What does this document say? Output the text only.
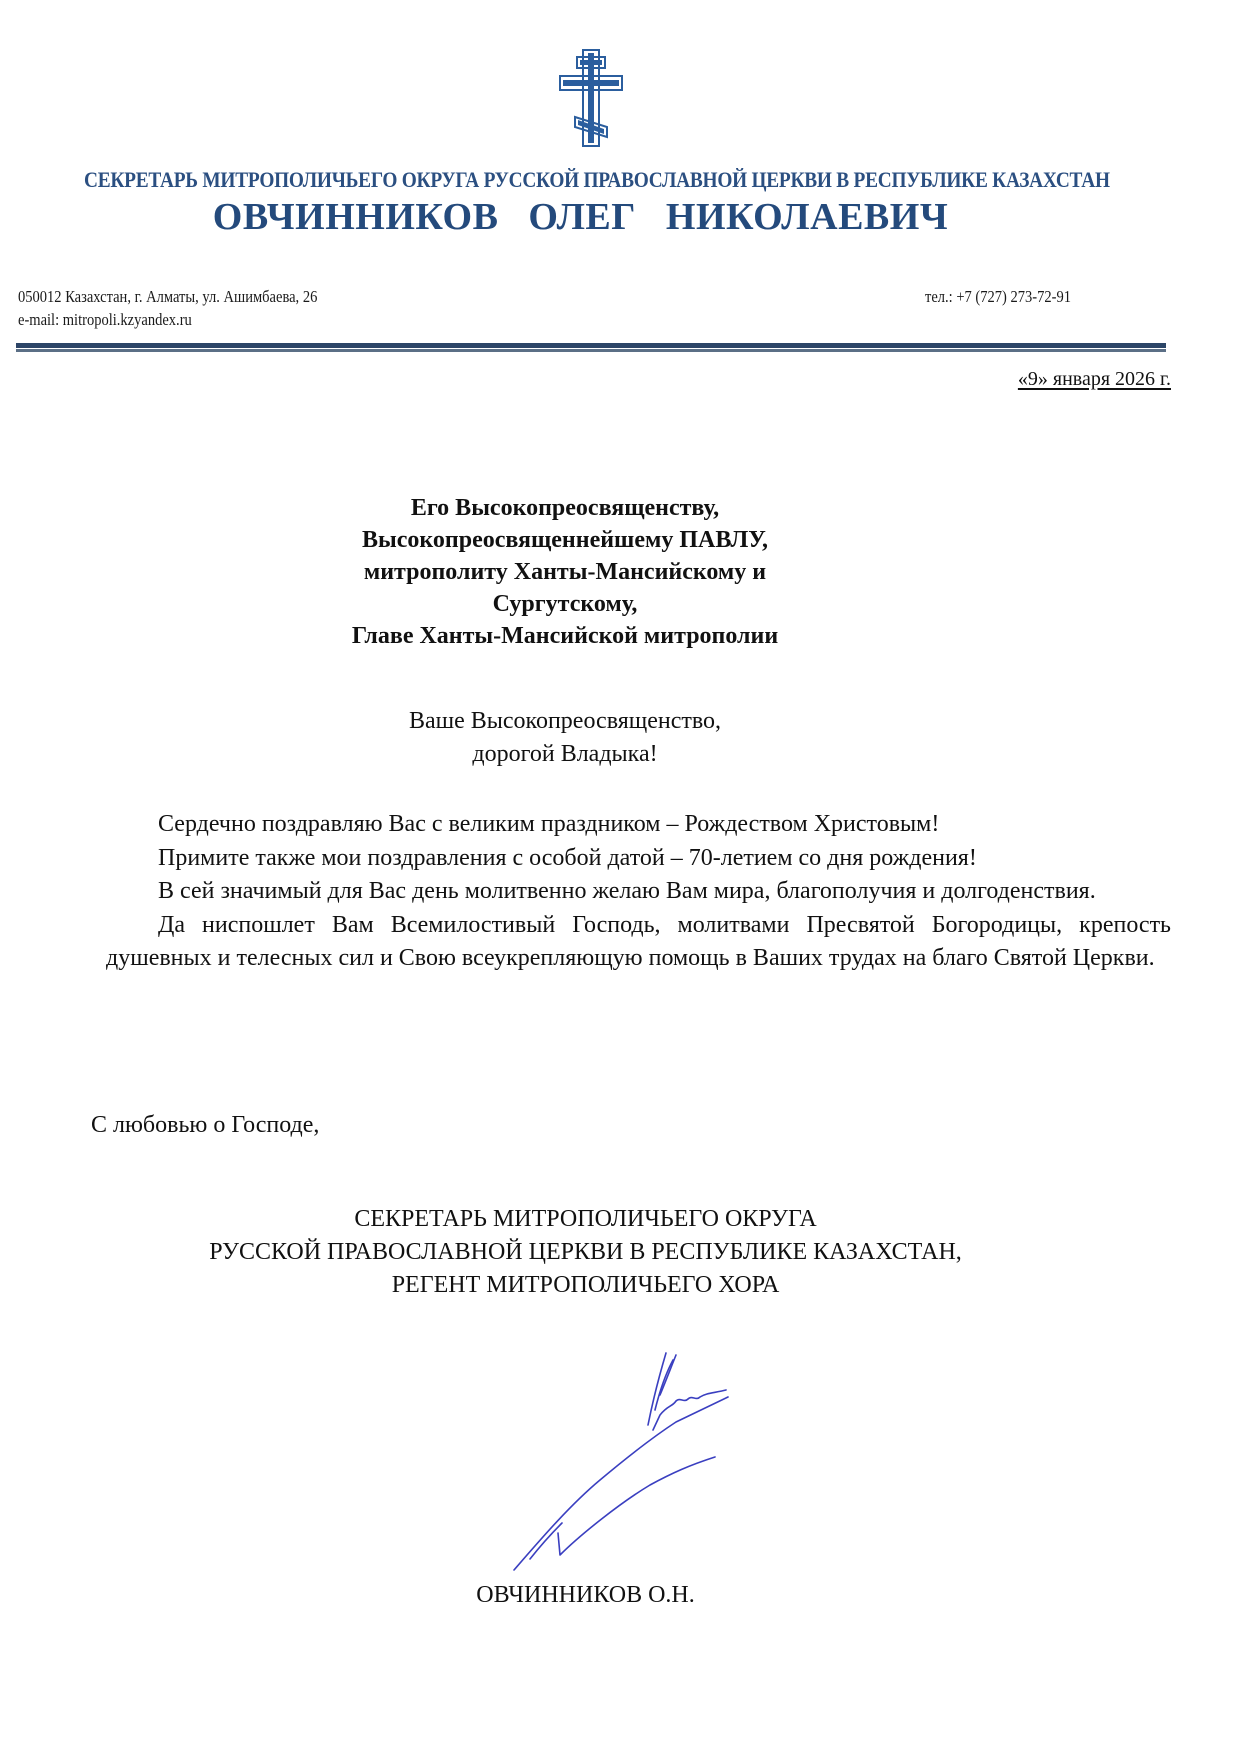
СЕКРЕТАРЬ МИТРОПОЛИЧЬЕГО ОКРУГА РУССКОЙ ПРАВОСЛАВНОЙ ЦЕРКВИ В РЕСПУБЛИКЕ КАЗАХСТАН
ОВЧИННИКОВ   ОЛЕГ   НИКОЛАЕВИЧ
050012 Казахстан, г. Алматы, ул. Ашимбаева, 26
e-mail: mitropoli.kzyandex.ru
тел.: +7 (727) 273-72-91
«9» января 2026 г.
Его Высокопреосвященству,
Высокопреосвященнейшему ПАВЛУ,
митрополиту Ханты-Мансийскому и
Сургутскому,
Главе Ханты-Мансийской митрополии
Ваше Высокопреосвященство,
дорогой Владыка!

Сердечно поздравляю Вас с великим праздником – Рождеством Христовым!

Примите также мои поздравления с особой датой – 70-летием со дня рождения!

В сей значимый для Вас день молитвенно желаю Вам мира, благополучия и долгоденствия.

Да ниспошлет Вам Всемилостивый Господь, молитвами Пресвятой Богородицы, крепость душевных и телесных сил и Свою всеукрепляющую помощь в Ваших трудах на благо Святой Церкви.

С любовью о Господе,
СЕКРЕТАРЬ МИТРОПОЛИЧЬЕГО ОКРУГА
РУССКОЙ ПРАВОСЛАВНОЙ ЦЕРКВИ В РЕСПУБЛИКЕ КАЗАХСТАН,
РЕГЕНТ МИТРОПОЛИЧЬЕГО ХОРА
ОВЧИННИКОВ О.Н.
